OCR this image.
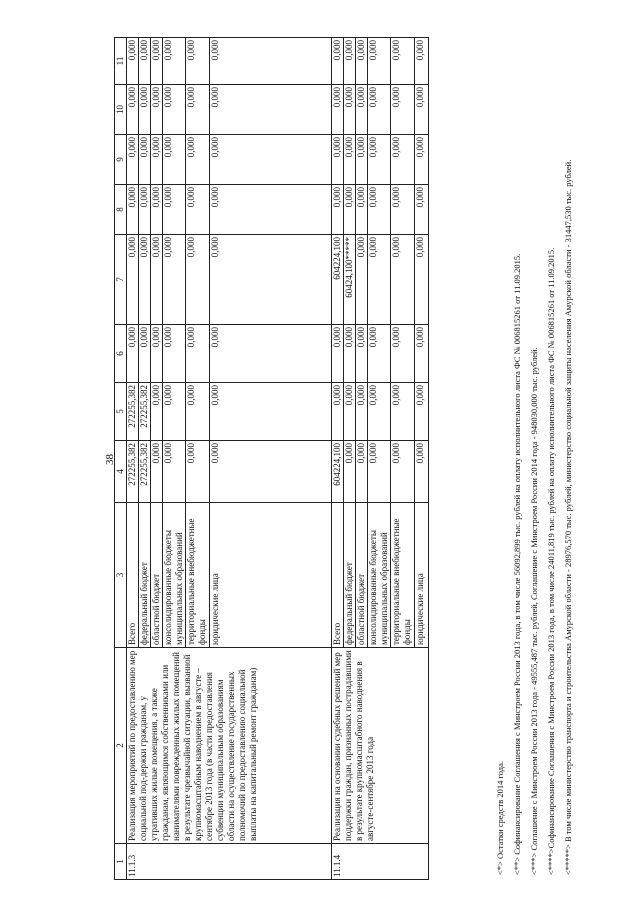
38
1	2	3	4	5	6	7	8	9	10	11
11.1.3	Реализация мероприятий по предоставлению мер социальной под-держки гражданам, у утративших жилые помещения, а также гражданам, являющимся собственниками или нанимателями поврежденных жилых помещений в результате чрезвычайной ситуации, вызванной крупномасштабным наводнением в августе – сентябре 2013 года (в части предоставления субвенции муниципальным образованиям области на осуществление государственных полномочий по предоставлению социальной выплаты на капитальный ремонт гражданам)	Всего	272255,382	272255,382	0,000	0,000	0,000	0,000	0,000	0,000
		федеральный бюджет	272255,382	272255,382	0,000	0,000	0,000	0,000	0,000	0,000
		областной бюджет	0,000	0,000	0,000	0,000	0,000	0,000	0,000	0,000
		консолидированные бюджеты муниципальных образований	0,000	0,000	0,000	0,000	0,000	0,000	0,000	0,000
		территориальные внебюджетные фонды	0,000	0,000	0,000	0,000	0,000	0,000	0,000	0,000
		юридические лица	0,000	0,000	0,000	0,000	0,000	0,000	0,000	0,000
11.1.4	Реализация на основании судебных решений мер поддержки граждан, признанных пострадавшими в результате крупномасштабного наводнения в августе-сентябре 2013 года	Всего	604224,100	0,000	0,000	604224,100	0,000	0,000	0,000	0,000
		федеральный бюджет	0,000	0,000	0,000	60424,100*****	0,000	0,000	0,000	0,000
		областной бюджет	0,000	0,000	0,000	0,000	0,000	0,000	0,000	0,000
		консолидированные бюджеты муниципальных образований	0,000	0,000	0,000	0,000	0,000	0,000	0,000	0,000
		территориальные внебюджетные фонды	0,000	0,000	0,000	0,000	0,000	0,000	0,000	0,000
		юридические лица	0,000	0,000	0,000	0,000	0,000	0,000	0,000	0,000
<*> Остатки средств 2014 года. <**> Софинансирование Соглашения с Минстроем России 2013 года, в том числе 56092,899 тыс. рублей на оплату исполнительного листа ФС № 006815261 от 11.09.2015. <***> Соглашение с Минстроем России 2013 года - 49555,487 тыс. рублей, Соглашение с Минстроем России 2014 года - 948030,000 тыс. рублей. <****>Софинансирование Соглашения с Минстроем России 2013 года, в том числе 24011,819 тыс. рублей на оплату исполнительного листа ФС № 006815261 от 11.09.2015. <*****> В том числе министерство транспорта и строительства Амурской области - 28976,570 тыс. рублей, министерство социальной защиты населения Амурской области - 31447,530 тыс. рублей.
